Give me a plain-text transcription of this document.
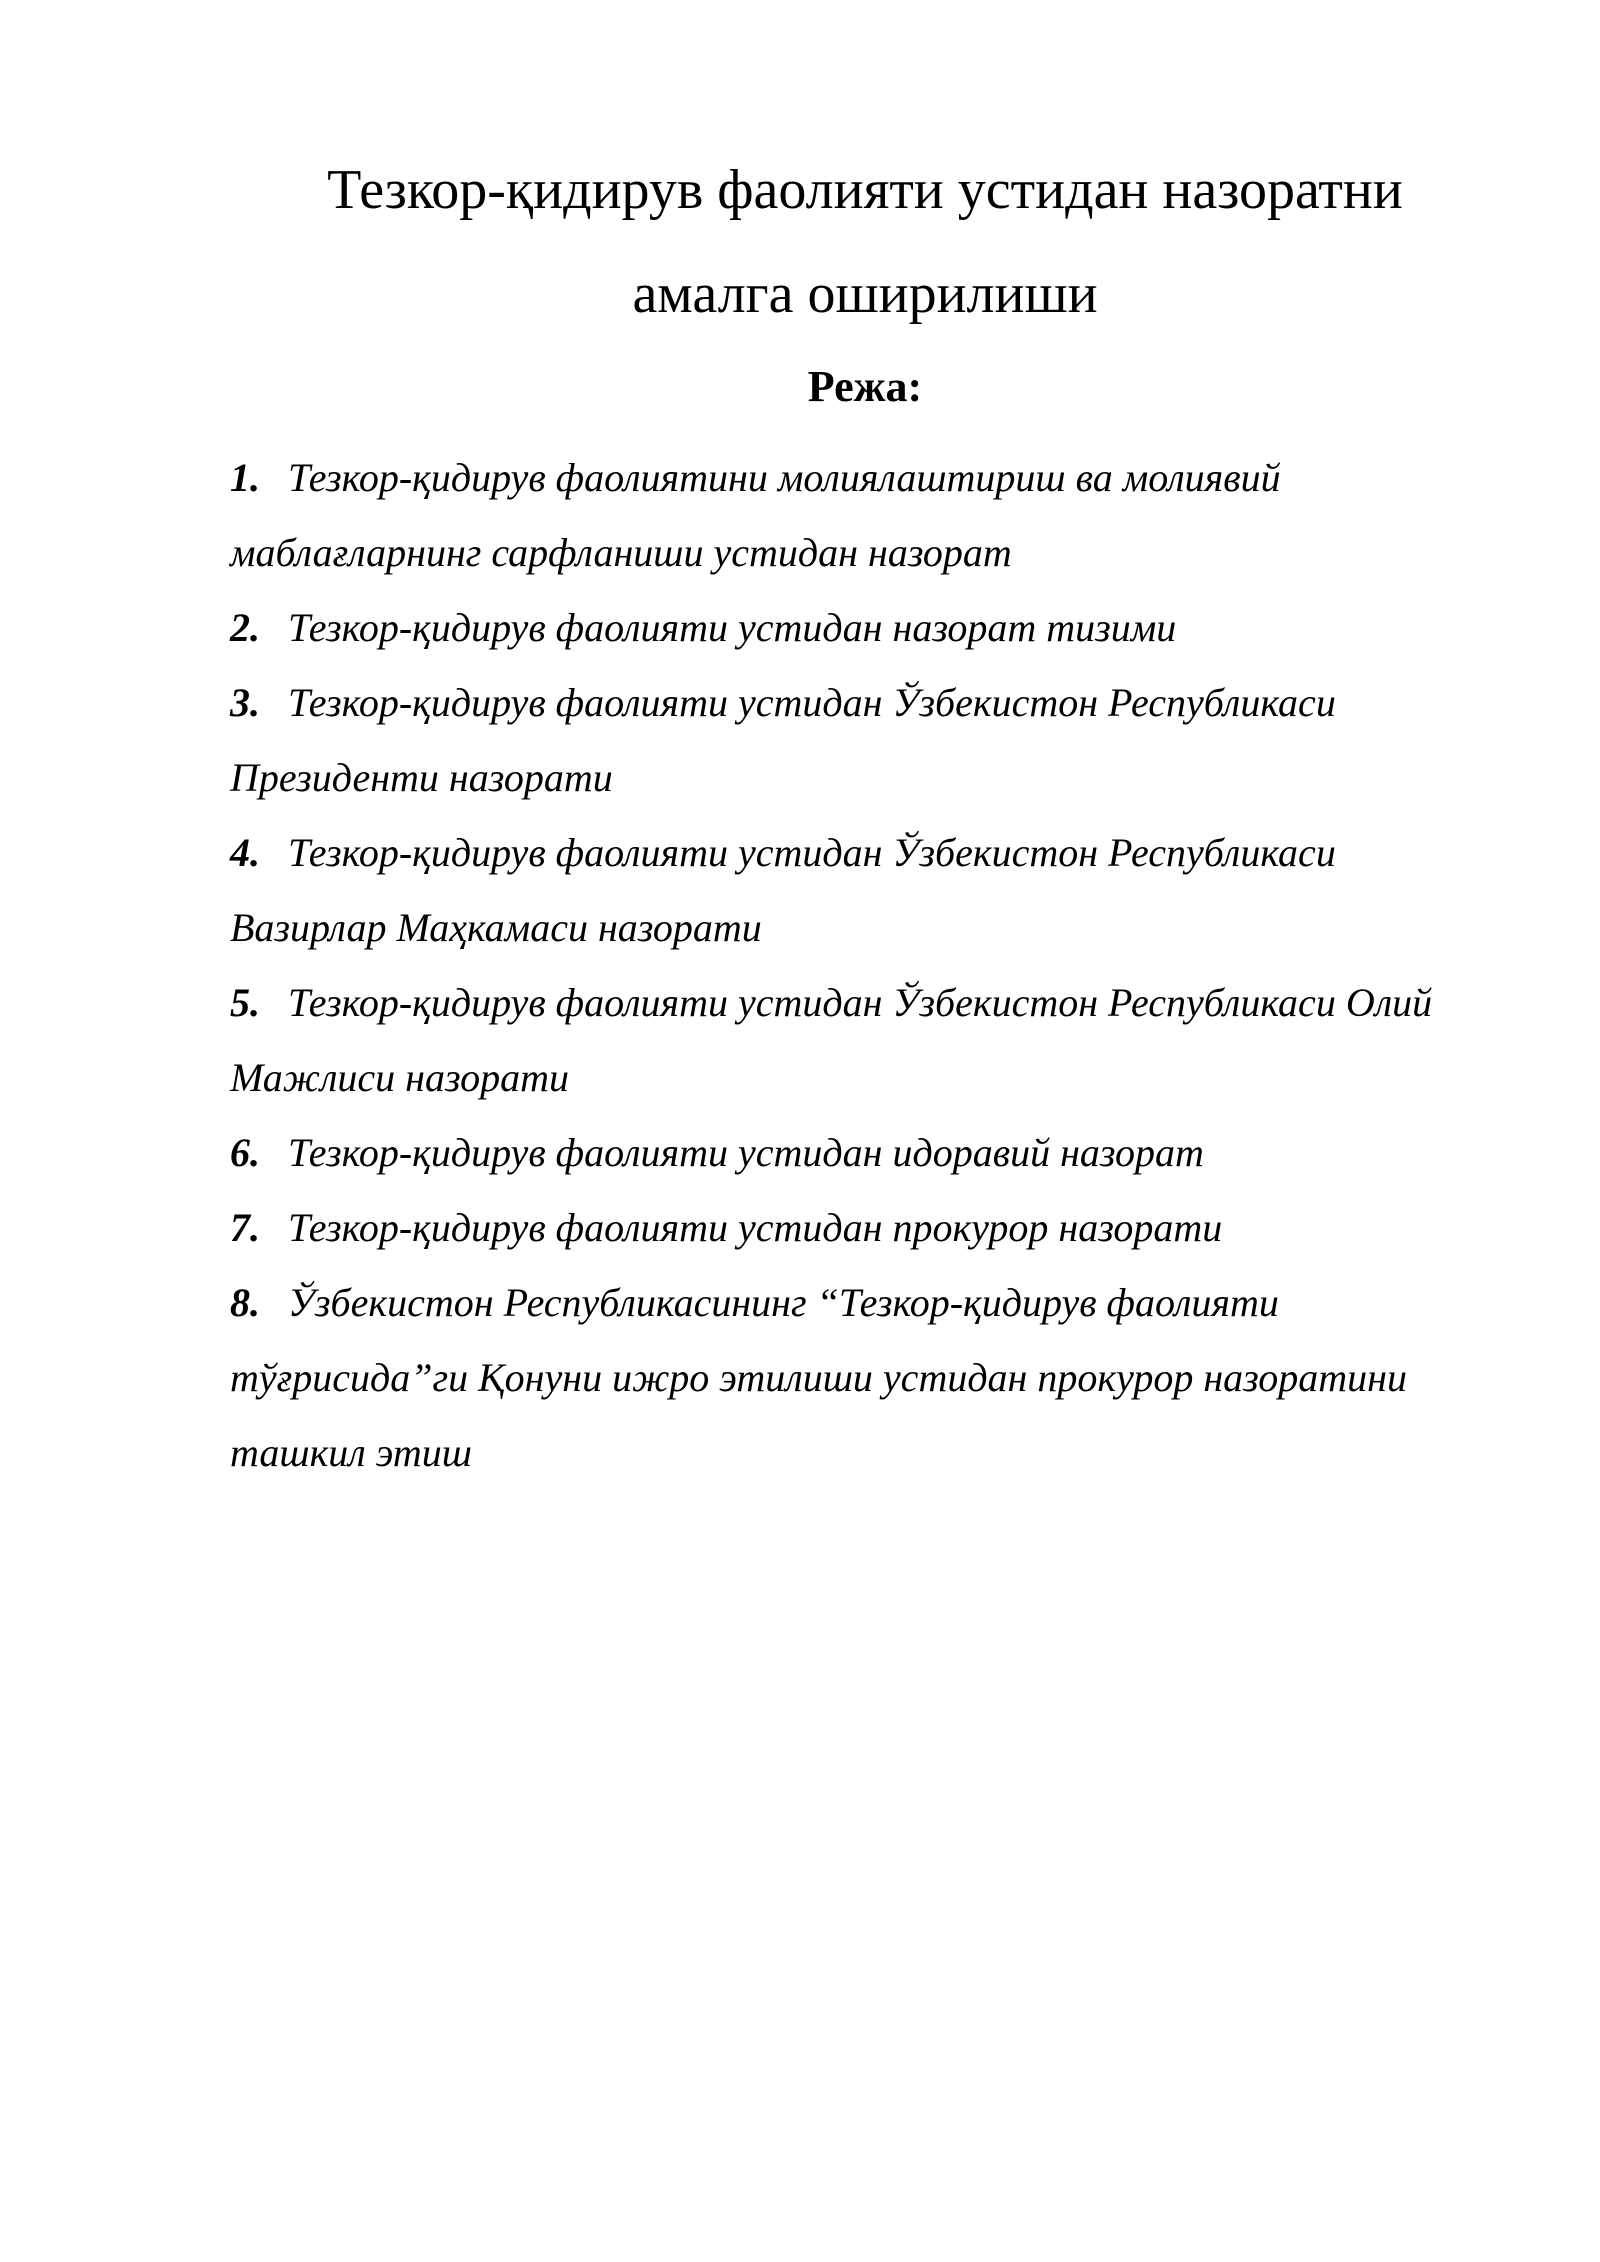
Тезкор-қидирув фаолияти устидан назоратни
амалга оширилиши
Режа:
1. Тезкор-қидирув фаолиятини молиялаштириш ва молиявий маблағларнинг сарфланиши устидан назорат
2. Тезкор-қидирув фаолияти устидан назорат тизими
3. Тезкор-қидирув фаолияти устидан Ўзбекистон Республикаси Президенти назорати
4. Тезкор-қидирув фаолияти устидан Ўзбекистон Республикаси Вазирлар Маҳкамаси назорати
5. Тезкор-қидирув фаолияти устидан Ўзбекистон Республикаси Олий Мажлиси назорати
6. Тезкор-қидирув фаолияти устидан идоравий назорат
7. Тезкор-қидирув фаолияти устидан прокурор назорати
8. Ўзбекистон Республикасининг “Тезкор-қидирув фаолияти тўғрисида”ги Қонуни ижро этилиши устидан прокурор назоратини ташкил этиш
